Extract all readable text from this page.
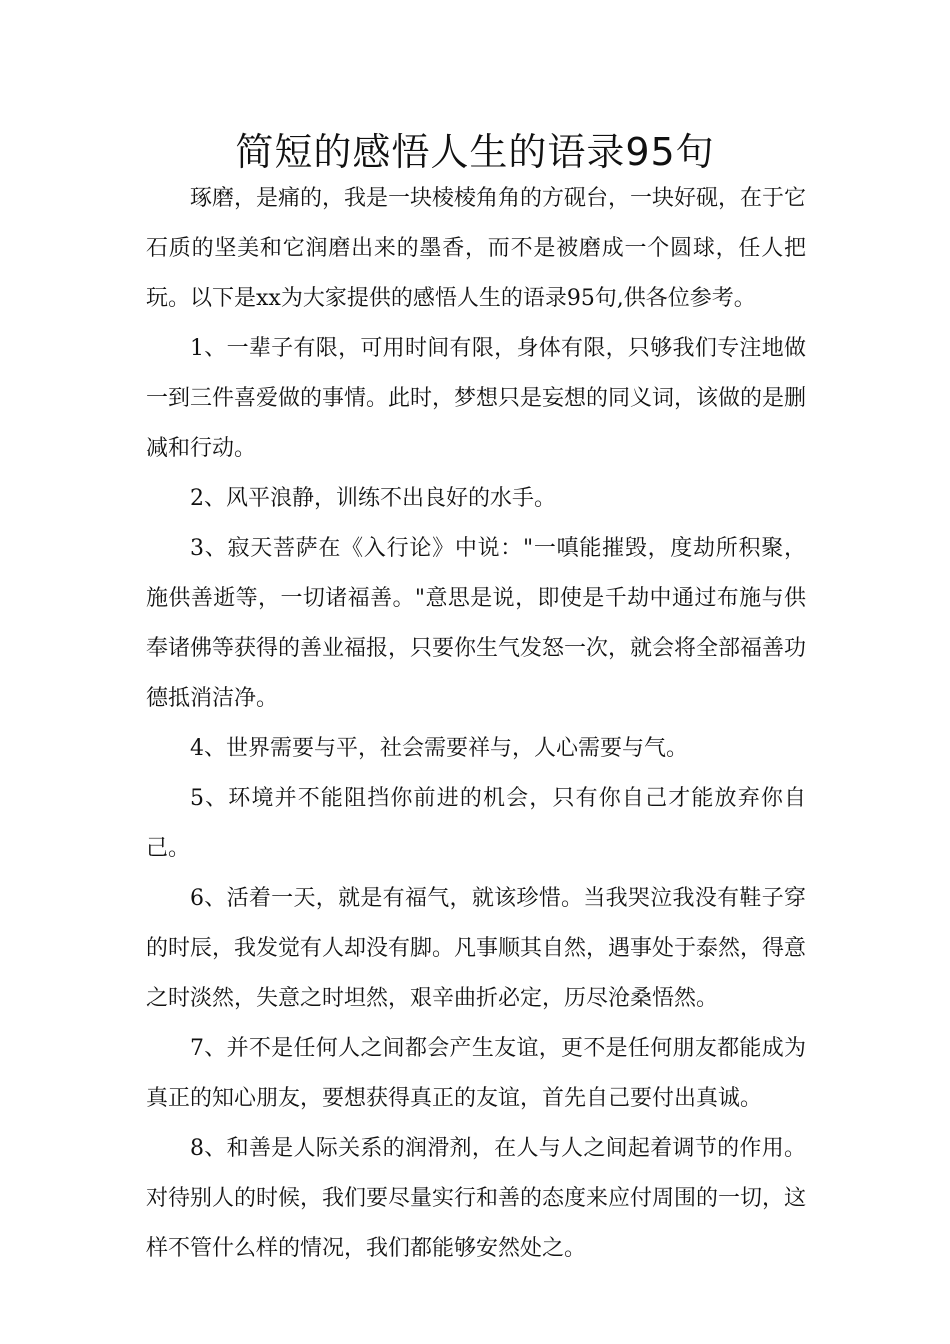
简短的感悟人生的语录95句

琢磨，是痛的，我是一块棱棱角角的方砚台，一块好砚，在于它石质的坚美和它润磨出来的墨香，而不是被磨成一个圆球，任人把玩。以下是xx为大家提供的感悟人生的语录95句,供各位参考。

1、一辈子有限，可用时间有限，身体有限，只够我们专注地做一到三件喜爱做的事情。此时，梦想只是妄想的同义词，该做的是删减和行动。

2、风平浪静，训练不出良好的水手。

3、寂天菩萨在《入行论》中说："一嗔能摧毁，度劫所积聚，施供善逝等，一切诸福善。"意思是说，即使是千劫中通过布施与供奉诸佛等获得的善业福报，只要你生气发怒一次，就会将全部福善功德抵消洁净。

4、世界需要与平，社会需要祥与，人心需要与气。

5、环境并不能阻挡你前进的机会，只有你自己才能放弃你自己。

6、活着一天，就是有福气，就该珍惜。当我哭泣我没有鞋子穿的时辰，我发觉有人却没有脚。凡事顺其自然，遇事处于泰然，得意之时淡然，失意之时坦然，艰辛曲折必定，历尽沧桑悟然。

7、并不是任何人之间都会产生友谊，更不是任何朋友都能成为真正的知心朋友，要想获得真正的友谊，首先自己要付出真诚。

8、和善是人际关系的润滑剂，在人与人之间起着调节的作用。对待别人的时候，我们要尽量实行和善的态度来应付周围的一切，这样不管什么样的情况，我们都能够安然处之。
